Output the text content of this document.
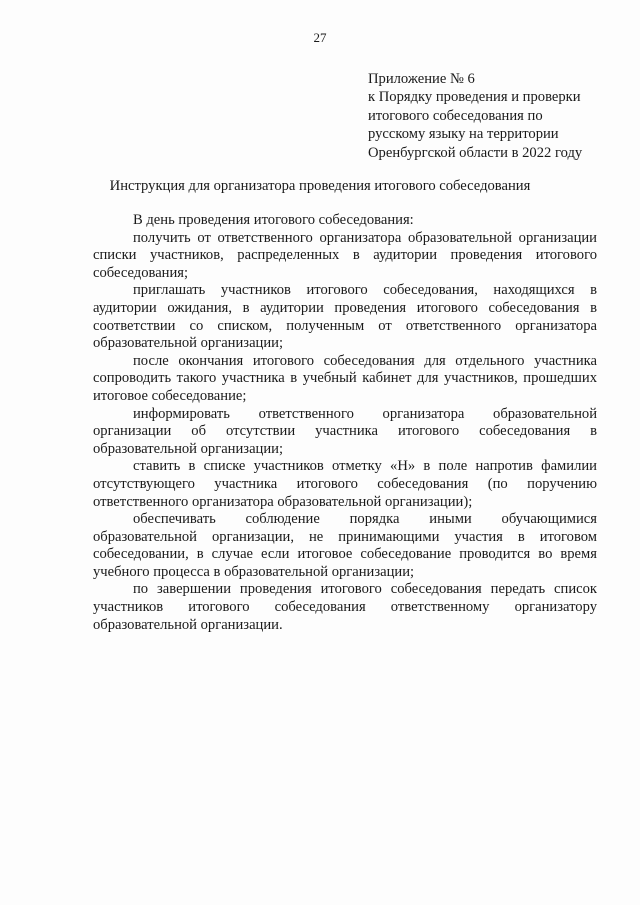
27
Приложение № 6
к Порядку проведения и проверки
итогового собеседования по
русскому языку на территории
Оренбургской области в 2022 году
Инструкция для организатора проведения итогового собеседования

В день проведения итогового собеседования:

получить от ответственного организатора образовательной организации списки участников, распределенных в аудитории проведения итогового собеседования;

приглашать участников итогового собеседования, находящихся в аудитории ожидания, в аудитории проведения итогового собеседования в соответствии со списком, полученным от ответственного организатора образовательной организации;

после окончания итогового собеседования для отдельного участника сопроводить такого участника в учебный кабинет для участников, прошедших итоговое собеседование;

информировать ответственного организатора образовательной организации об отсутствии участника итогового собеседования в образовательной организации;

ставить в списке участников отметку «Н» в поле напротив фамилии отсутствующего участника итогового собеседования (по поручению ответственного организатора образовательной организации);

обеспечивать соблюдение порядка иными обучающимися образовательной организации, не принимающими участия в итоговом собеседовании, в случае если итоговое собеседование проводится во время учебного процесса в образовательной организации;

по завершении проведения итогового собеседования передать список участников итогового собеседования ответственному организатору образовательной организации.
